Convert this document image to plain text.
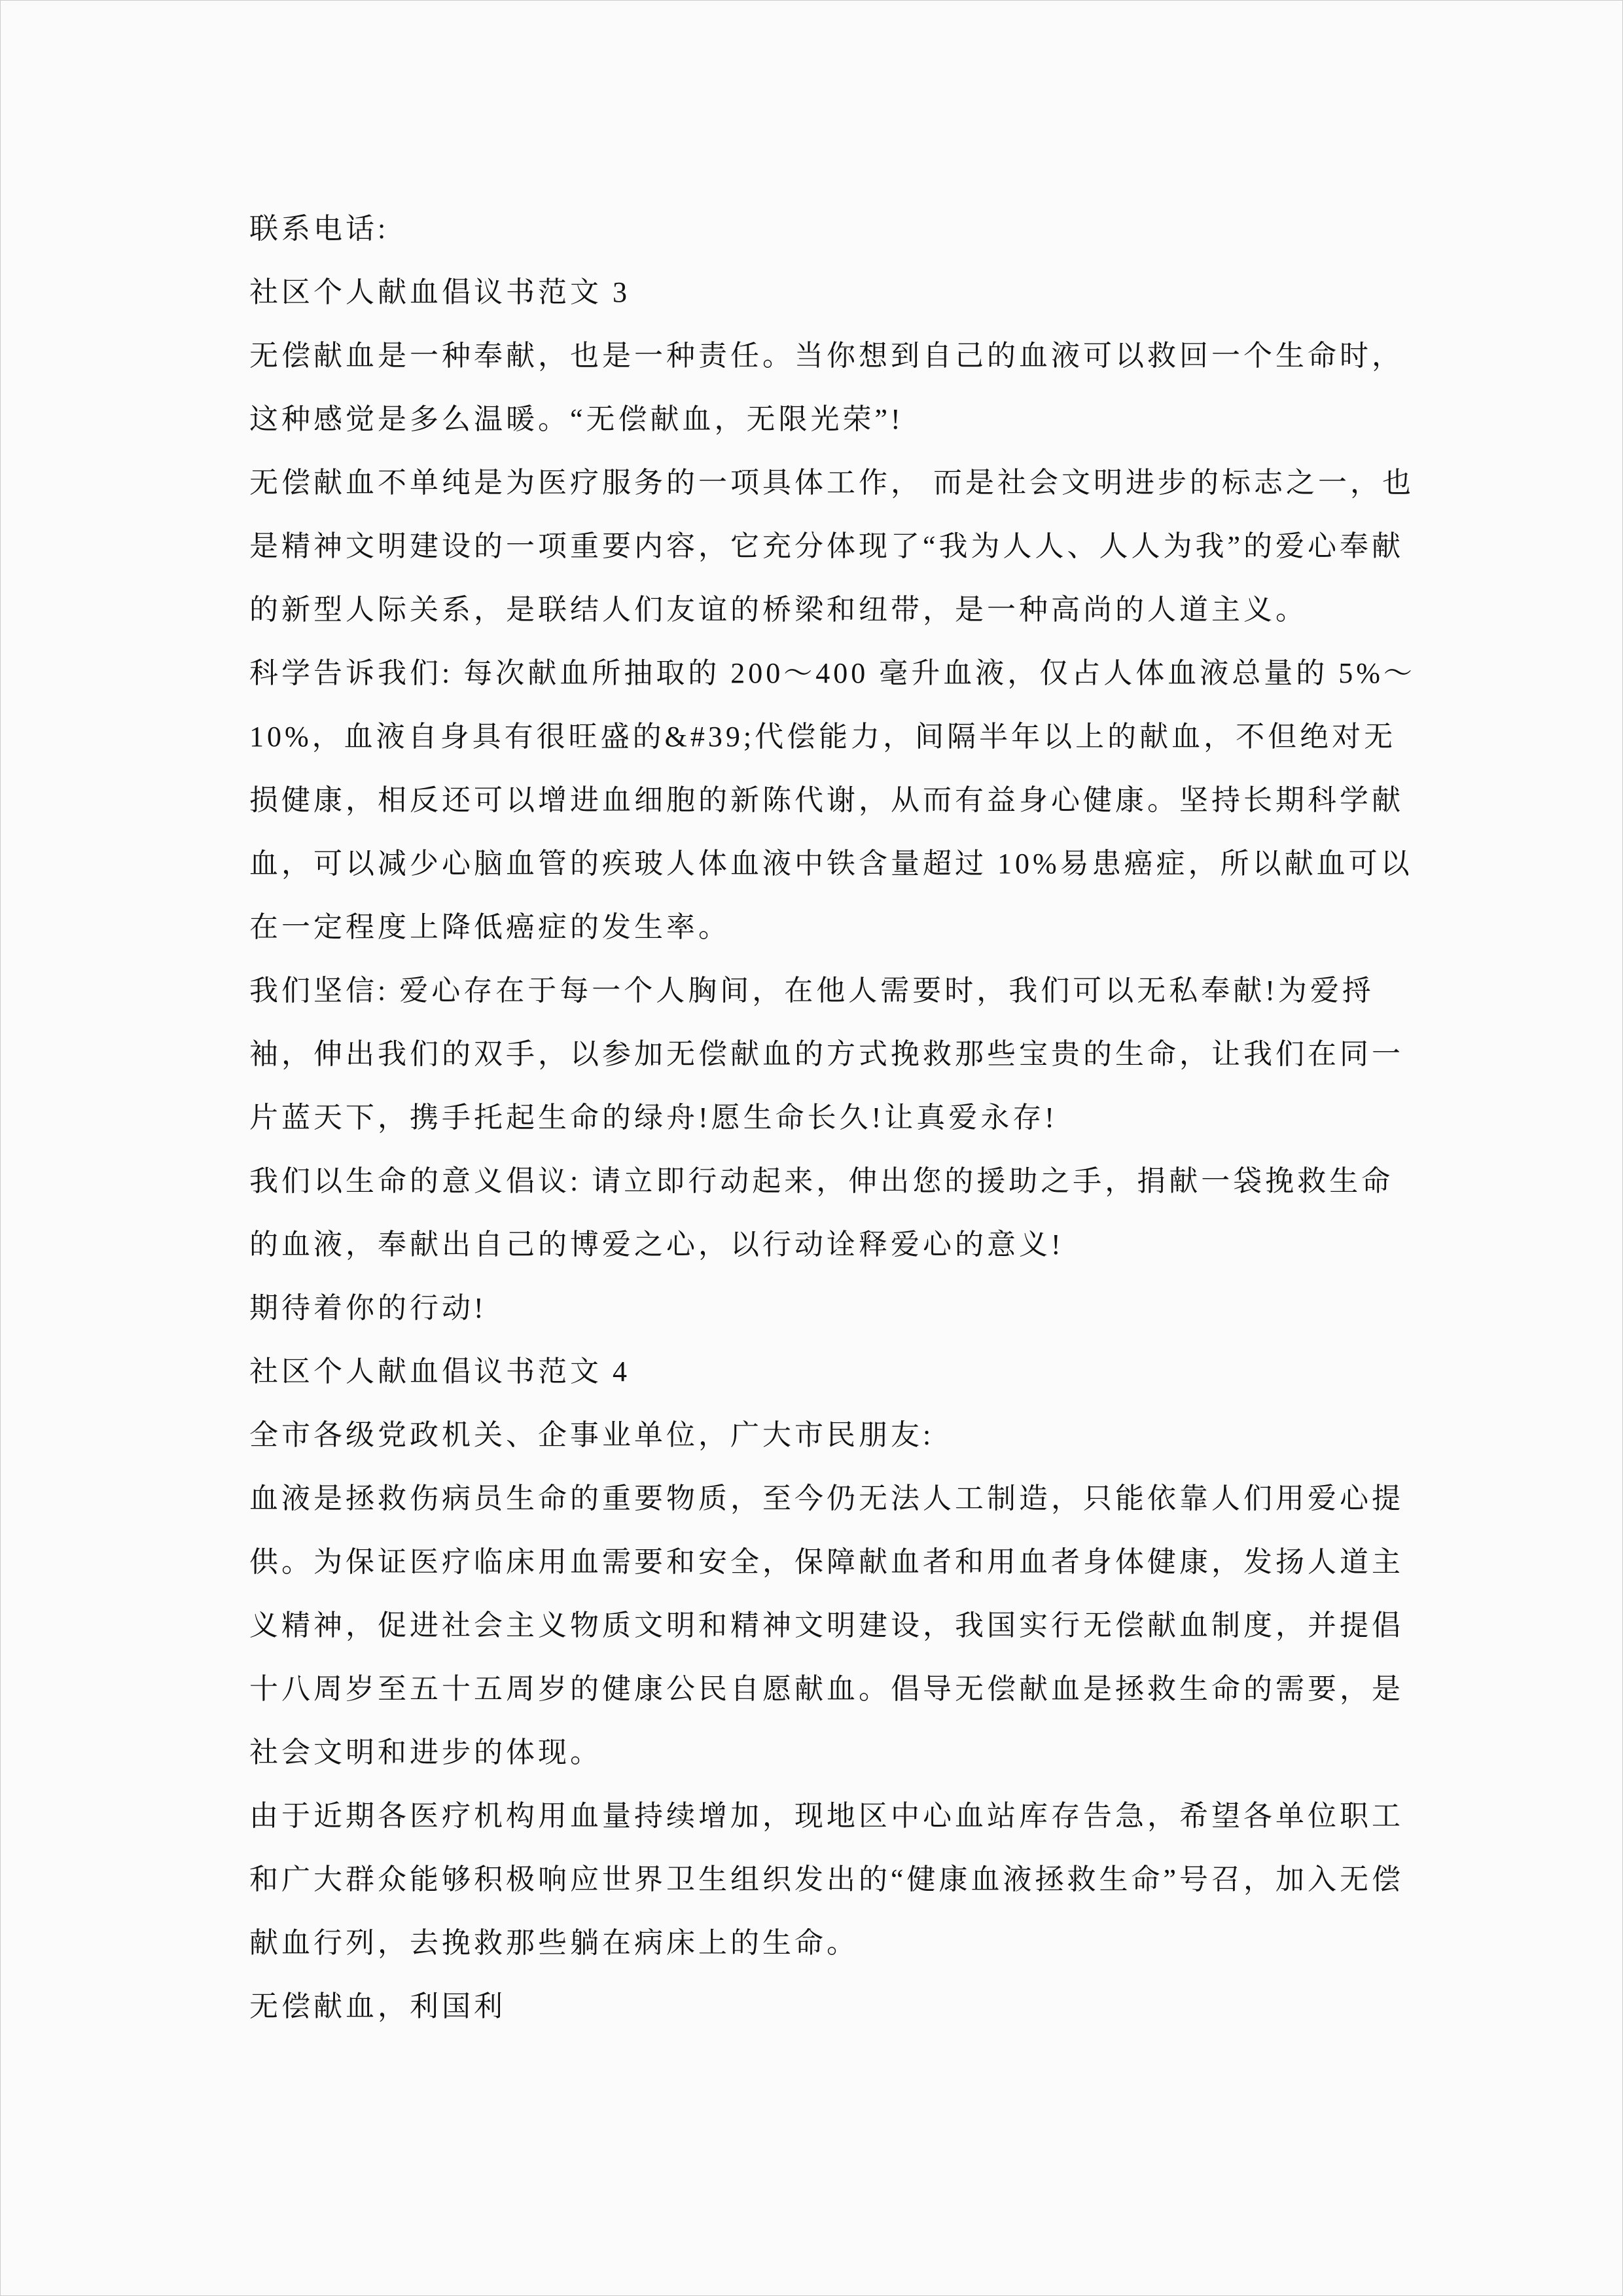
联系电话:

社区个人献血倡议书范文 3

无偿献血是一种奉献，也是一种责任。当你想到自己的血液可以救回一个生命时，这种感觉是多么温暖。“无偿献血，无限光荣”!

无偿献血不单纯是为医疗服务的一项具体工作， 而是社会文明进步的标志之一，也是精神文明建设的一项重要内容，它充分体现了“我为人人、人人为我”的爱心奉献的新型人际关系，是联结人们友谊的桥梁和纽带，是一种高尚的人道主义。

科学告诉我们: 每次献血所抽取的 200～400 毫升血液，仅占人体血液总量的 5%～10%，血液自身具有很旺盛的&#39;代偿能力，间隔半年以上的献血，不但绝对无损健康，相反还可以增进血细胞的新陈代谢，从而有益身心健康。坚持长期科学献血，可以减少心脑血管的疾玻人体血液中铁含量超过 10%易患癌症，所以献血可以在一定程度上降低癌症的发生率。

我们坚信: 爱心存在于每一个人胸间，在他人需要时，我们可以无私奉献!为爱捋袖，伸出我们的双手，以参加无偿献血的方式挽救那些宝贵的生命，让我们在同一片蓝天下，携手托起生命的绿舟!愿生命长久!让真爱永存!

我们以生命的意义倡议: 请立即行动起来，伸出您的援助之手，捐献一袋挽救生命的血液，奉献出自己的博爱之心，以行动诠释爱心的意义!

期待着你的行动!

社区个人献血倡议书范文 4

全市各级党政机关、企事业单位，广大市民朋友:

血液是拯救伤病员生命的重要物质，至今仍无法人工制造，只能依靠人们用爱心提供。为保证医疗临床用血需要和安全，保障献血者和用血者身体健康，发扬人道主义精神，促进社会主义物质文明和精神文明建设，我国实行无偿献血制度，并提倡十八周岁至五十五周岁的健康公民自愿献血。倡导无偿献血是拯救生命的需要，是社会文明和进步的体现。

由于近期各医疗机构用血量持续增加，现地区中心血站库存告急，希望各单位职工和广大群众能够积极响应世界卫生组织发出的“健康血液拯救生命”号召，加入无偿献血行列，去挽救那些躺在病床上的生命。

无偿献血，利国利
